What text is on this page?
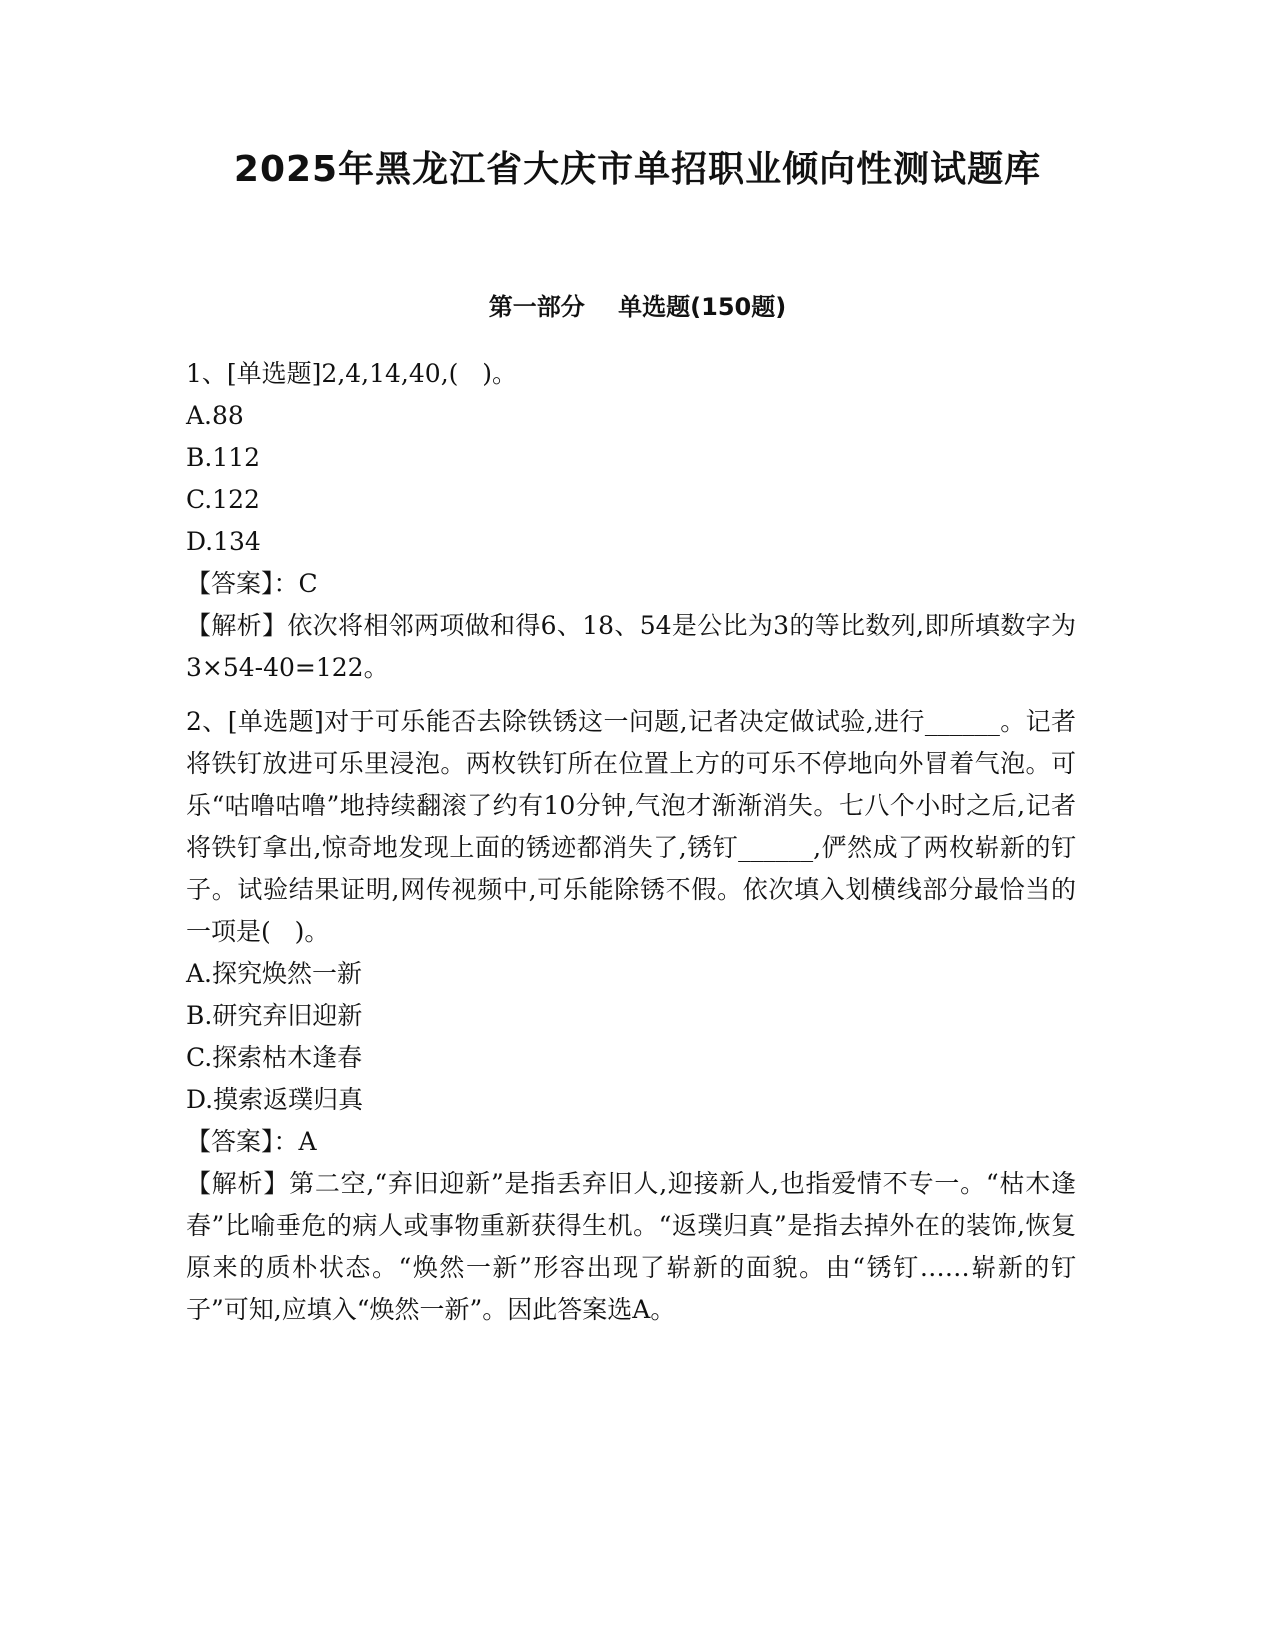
2025年黑龙江省大庆市单招职业倾向性测试题库
第一部分    单选题(150题)

1、[单选题]2,4,14,40,(   )。

A.88

B.112

C.122

D.134

【答案】：C

【解析】依次将相邻两项做和得6、18、54是公比为3的等比数列,即所填数字为3×54-40=122。

2、[单选题]对于可乐能否去除铁锈这一问题,记者决定做试验,进行______。记者将铁钉放进可乐里浸泡。两枚铁钉所在位置上方的可乐不停地向外冒着气泡。可乐“咕噜咕噜”地持续翻滚了约有10分钟,气泡才渐渐消失。七八个小时之后,记者将铁钉拿出,惊奇地发现上面的锈迹都消失了,锈钉______,俨然成了两枚崭新的钉子。试验结果证明,网传视频中,可乐能除锈不假。依次填入划横线部分最恰当的一项是(   )。

A.探究焕然一新

B.研究弃旧迎新

C.探索枯木逢春

D.摸索返璞归真

【答案】：A

【解析】第二空,“弃旧迎新”是指丢弃旧人,迎接新人,也指爱情不专一。“枯木逢春”比喻垂危的病人或事物重新获得生机。“返璞归真”是指去掉外在的装饰,恢复原来的质朴状态。“焕然一新”形容出现了崭新的面貌。由“锈钉……崭新的钉子”可知,应填入“焕然一新”。因此答案选A。
